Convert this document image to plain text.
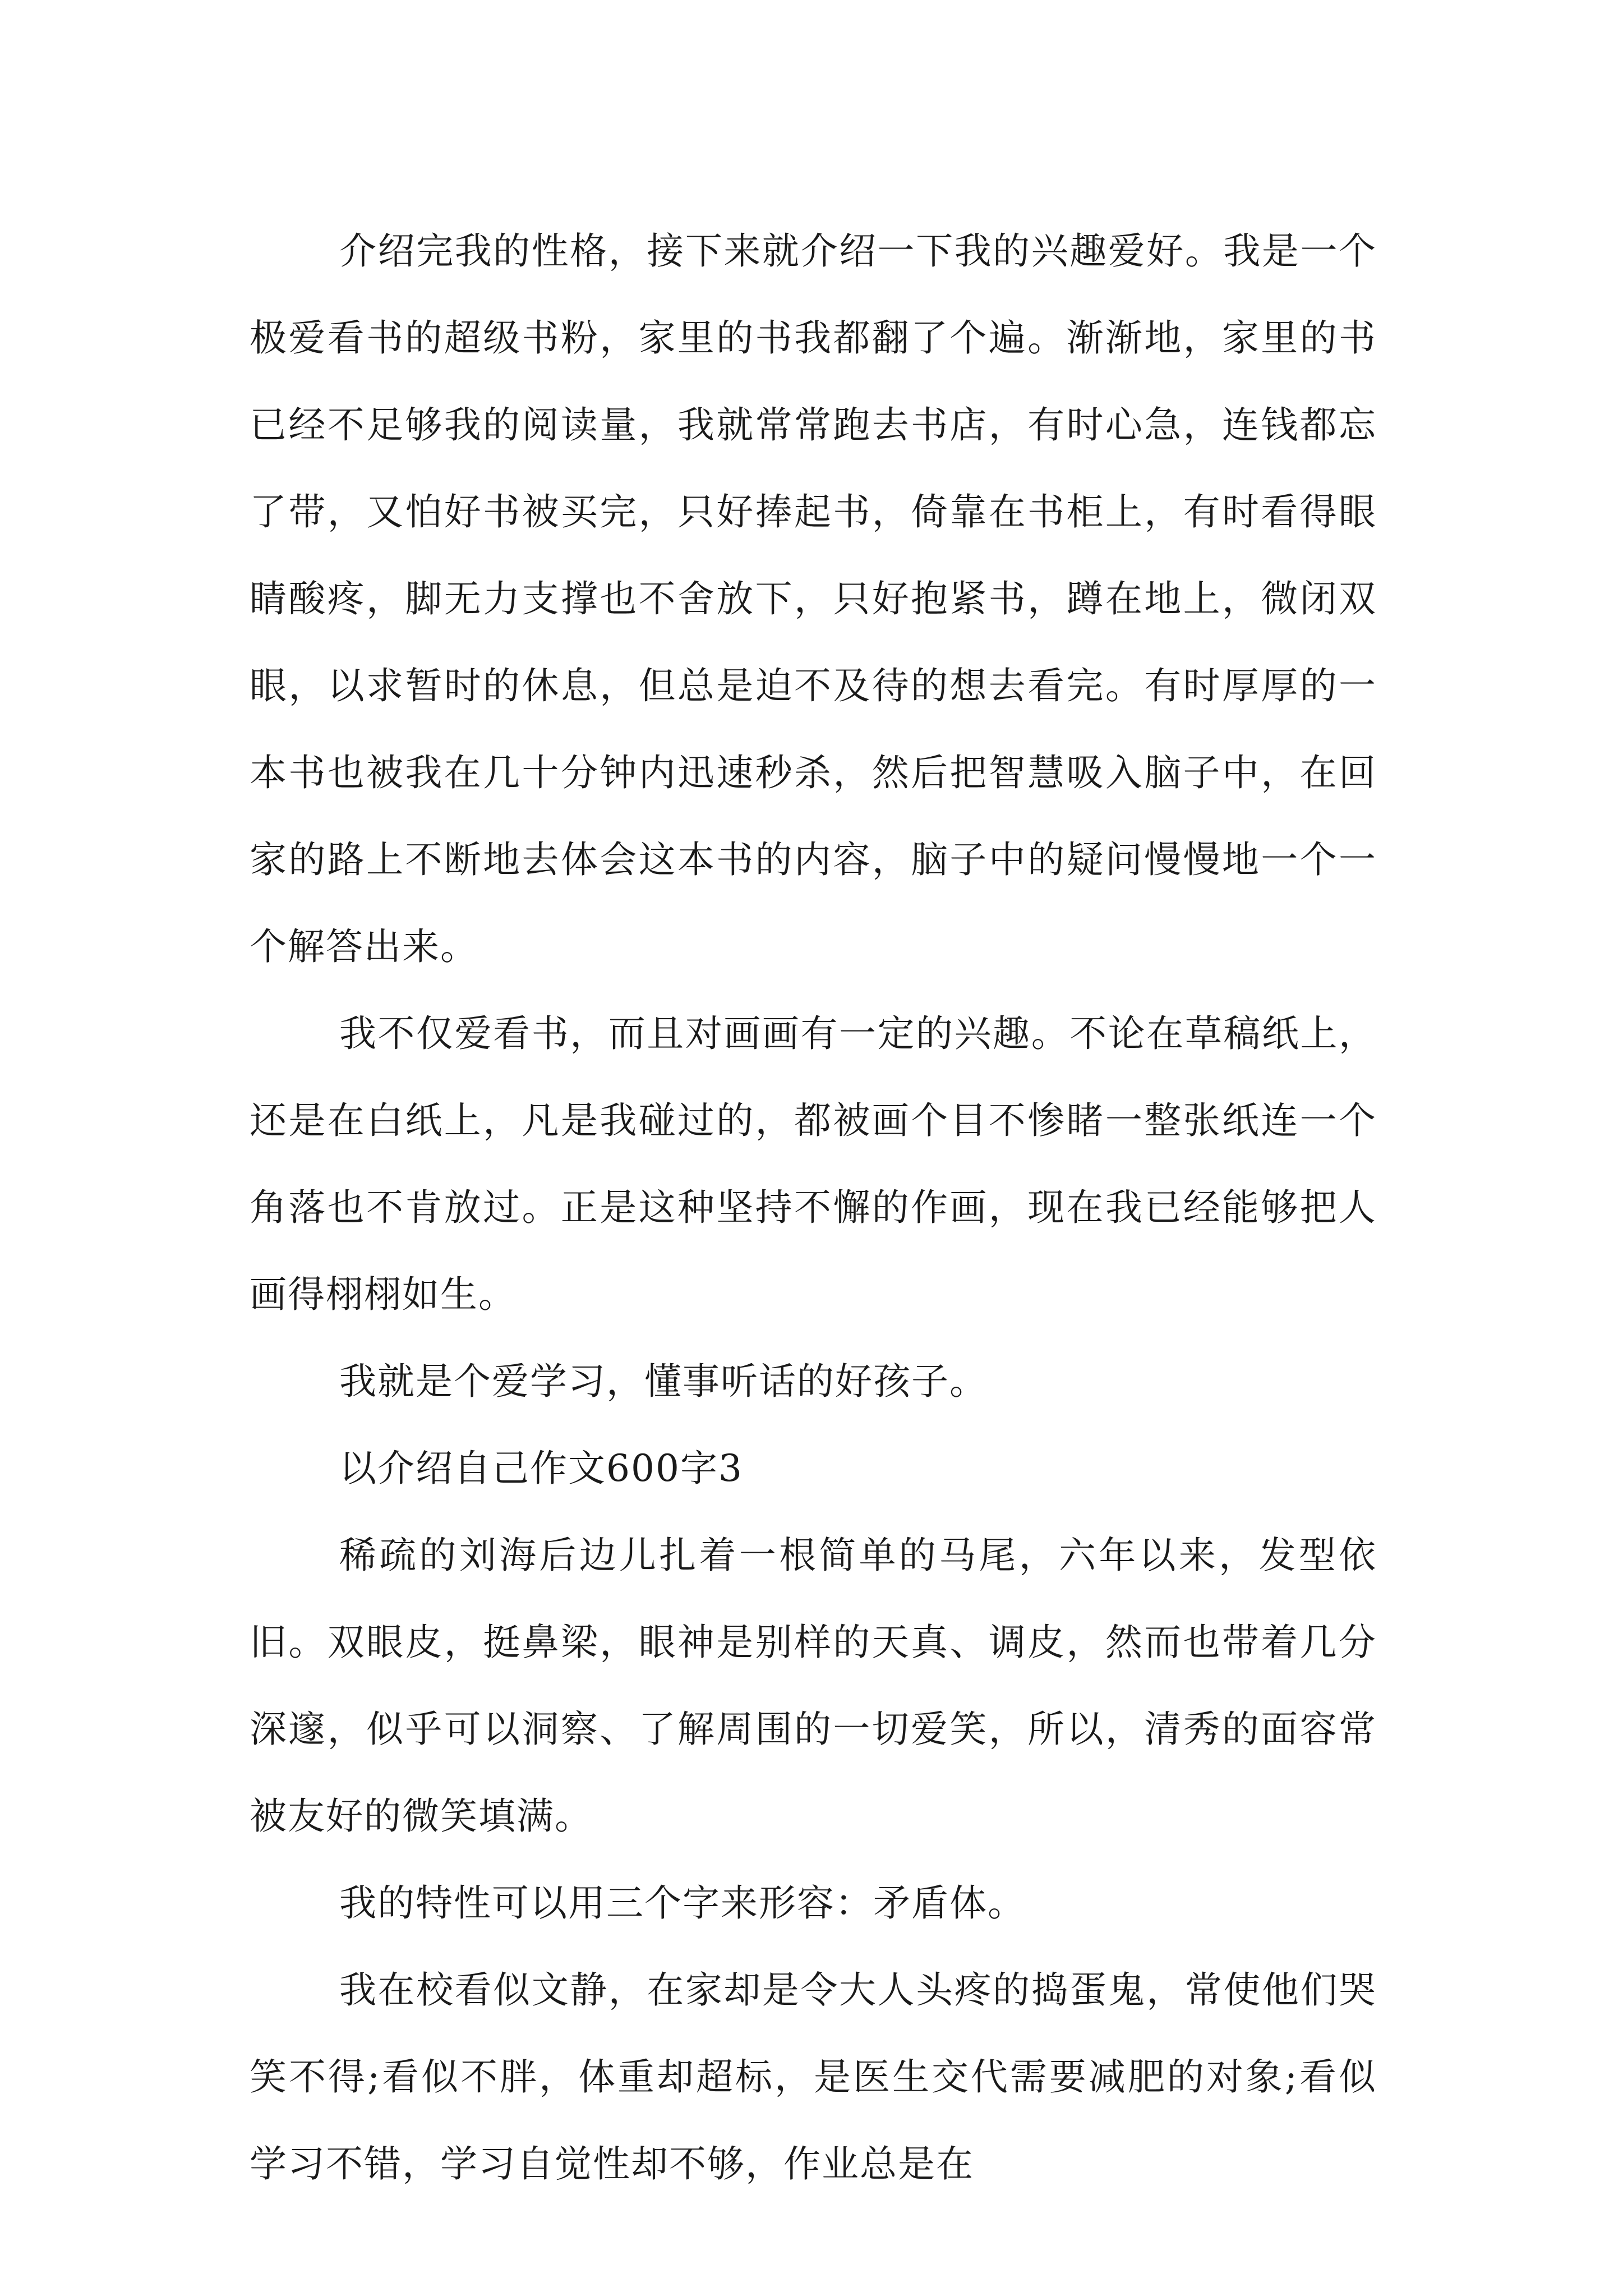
介绍完我的性格，接下来就介绍一下我的兴趣爱好。我是一个极爱看书的超级书粉，家里的书我都翻了个遍。渐渐地，家里的书已经不足够我的阅读量，我就常常跑去书店，有时心急，连钱都忘了带，又怕好书被买完，只好捧起书，倚靠在书柜上，有时看得眼睛酸疼，脚无力支撑也不舍放下，只好抱紧书，蹲在地上，微闭双眼，以求暂时的休息，但总是迫不及待的想去看完。有时厚厚的一本书也被我在几十分钟内迅速秒杀，然后把智慧吸入脑子中，在回家的路上不断地去体会这本书的内容，脑子中的疑问慢慢地一个一个解答出来。

我不仅爱看书，而且对画画有一定的兴趣。不论在草稿纸上，还是在白纸上，凡是我碰过的，都被画个目不惨睹一整张纸连一个角落也不肯放过。正是这种坚持不懈的作画，现在我已经能够把人画得栩栩如生。

我就是个爱学习，懂事听话的好孩子。

以介绍自己作文600字3

稀疏的刘海后边儿扎着一根简单的马尾，六年以来，发型依旧。双眼皮，挺鼻梁，眼神是别样的天真、调皮，然而也带着几分深邃，似乎可以洞察、了解周围的一切爱笑，所以，清秀的面容常被友好的微笑填满。

我的特性可以用三个字来形容：矛盾体。

我在校看似文静，在家却是令大人头疼的捣蛋鬼，常使他们哭笑不得;看似不胖，体重却超标，是医生交代需要减肥的对象;看似学习不错，学习自觉性却不够，作业总是在
